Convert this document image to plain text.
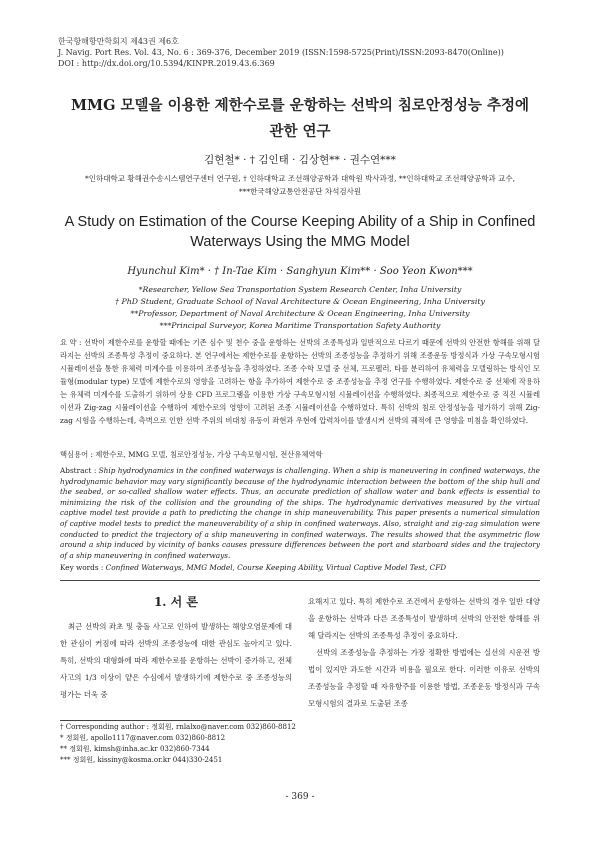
한국항해항만학회지 제43권 제6호
J. Navig. Port Res. Vol. 43, No. 6 : 369-376, December 2019 (ISSN:1598-5725(Print)/ISSN:2093-8470(Online))
DOI : http://dx.doi.org/10.5394/KINPR.2019.43.6.369
MMG 모델을 이용한 제한수로를 운항하는 선박의 침로안정성능 추정에
관한 연구
김현철* · † 김인태 · 김상현** · 권수연***
*인하대학교 황해권수송시스템연구센터 연구원, † 인하대학교 조선해양공학과 대학원 박사과정, **인하대학교 조선해양공학과 교수,
***한국해양교통안전공단 차석검사원
A Study on Estimation of the Course Keeping Ability of a Ship in Confined
Waterways Using the MMG Model
Hyunchul Kim* · † In-Tae Kim · Sanghyun Kim** · Soo Yeon Kwon***
*Researcher, Yellow Sea Transportation System Research Center, Inha University
† PhD Student, Graduate School of Naval Architecture & Ocean Engineering, Inha University
**Professor, Department of Naval Architecture & Ocean Engineering, Inha University
***Principal Surveyor, Korea Maritime Transportation Safety Authority
요 약 : 선박이 제한수로를 운항할 때에는 기존 심수 및 천수 중을 운항하는 선박의 조종특성과 일반적으로 다르기 때문에 선박의 안전한 항해를 위해 달라지는 선박의 조종특성 추정이 중요하다. 본 연구에서는 제한수로를 운항하는 선박의 조종성능을 추정하기 위해 조종운동 방정식과 가상 구속모형시험 시뮬레이션을 통한 유체력 미계수를 이용하여 조종성능을 추정하였다. 조종 수학 모델 중 선체, 프로펠러, 타를 분리하여 유체력을 모델링하는 방식인 모듈형(modular type) 모델에 제한수로의 영향을 고려하는 항을 추가하여 제한수로 중 조종성능을 추정 연구를 수행하였다. 제한수로 중 선체에 작용하는 유체력 미계수를 도출하기 위하여 상용 CFD 프로그램을 이용한 가상 구속모형시험 시뮬레이션을 수행하였다. 최종적으로 제한수로 중 직진 시뮬레이션과 Zig-zag 시뮬레이션을 수행하여 제한수로의 영향이 고려된 조종 시뮬레이션을 수행하였다. 특히 선박의 침로 안정성능을 평가하기 위해 Zig-zag 시험을 수행하는데, 측벽으로 인한 선박 주위의 비대칭 유동이 좌현과 우현에 압력차이를 발생시켜 선박의 궤적에 큰 영향을 미침을 확인하였다.
핵심용어 : 제한수로, MMG 모델, 침로안정성능, 가상 구속모형시험, 전산유체역학
Abstract : Ship hydrodynamics in the confined waterways is challenging. When a ship is maneuvering in confined waterways, the hydrodynamic behavior may vary significantly because of the hydrodynamic interaction between the bottom of the ship hull and the seabed, or so-called shallow water effects. Thus, an accurate prediction of shallow water and bank effects is essential to minimizing the risk of the collision and the grounding of the ships. The hydrodynamic derivatives measured by the virtual captive model test provide a path to predicting the change in ship maneuverability. This paper presents a numerical simulation of captive model tests to predict the maneuverability of a ship in confined waterways. Also, straight and zig-zag simulation were conducted to predict the trajectory of a ship maneuvering in confined waterways. The results showed that the asymmetric flow around a ship induced by vicinity of banks causes pressure differences between the port and starboard sides and the trajectory of a ship maneuvering in confined waterways.
Key words : Confined Waterways, MMG Model, Course Keeping Ability, Virtual Captive Model Test, CFD
1. 서 론
최근 선박의 좌초 및 충돌 사고로 인하여 발생하는 해양오염문제에 대한 관심이 커짐에 따라 선박의 조종성능에 대한 관심도 높아지고 있다. 특히, 선박의 대형화에 따라 제한수로를 운항하는 선박이 증가하고, 전체 사고의 1/3 이상이 얕은 수심에서 발생하기에 제한수로 중 조종성능의 평가는 더욱 중
요해지고 있다. 특히 제한수로 조건에서 운항하는 선박의 경우 일반 대양을 운항하는 선박과 다른 조종특성이 발생하며 선박의 안전한 항해를 위해 달라지는 선박의 조종특성 추정이 중요하다.
선박의 조종성능을 추정하는 가장 정확한 방법에는 실선의 시운전 방법이 있지만 과도한 시간과 비용을 필요로 한다. 이러한 이유로 선박의 조종성능을 추정할 때 자유항주를 이용한 방법, 조종운동 방정식과 구속모형시험의 결과로 도출된 조종
† Corresponding author : 정회원, rnlalxo@naver.com 032)860-8812
* 정회원, apollo1117@naver.com 032)860-8812
** 정회원, kimsh@inha.ac.kr 032)860-7344
*** 정회원, kissiny@kosma.or.kr 044)330-2451
- 369 -
